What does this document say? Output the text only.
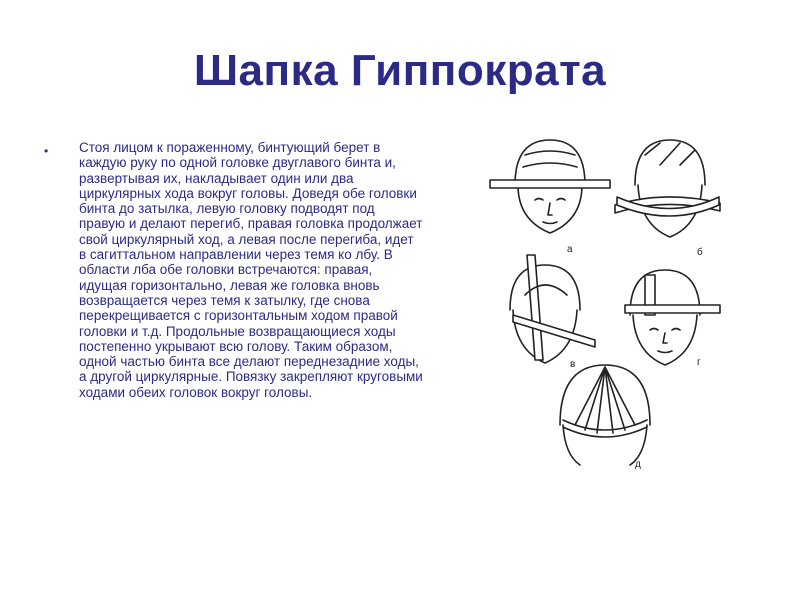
Шапка Гиппократа
• Стоя лицом к пораженному, бинтующий берет в каждую руку по одной головке двуглавого бинта и, развертывая их, накладывает один или два циркулярных хода вокруг головы. Доведя обе головки бинта до затылка, левую головку подводят под правую и делают перегиб, правая головка продолжает свой циркулярный ход, а левая после перегиба, идет в сагиттальном направлении через темя ко лбу. В области лба обе головки встречаются: правая, идущая горизонтально, левая же головка вновь возвращается через темя к затылку, где снова перекрещивается с горизонтальным ходом правой головки и т.д. Продольные возвращающиеся ходы постепенно укрывают всю голову. Таким образом, одной частью бинта все делают переднезадние ходы, а другой циркулярные. Повязку закрепляют круговыми ходами обеих головок вокруг головы.

а	б
в	г
д
